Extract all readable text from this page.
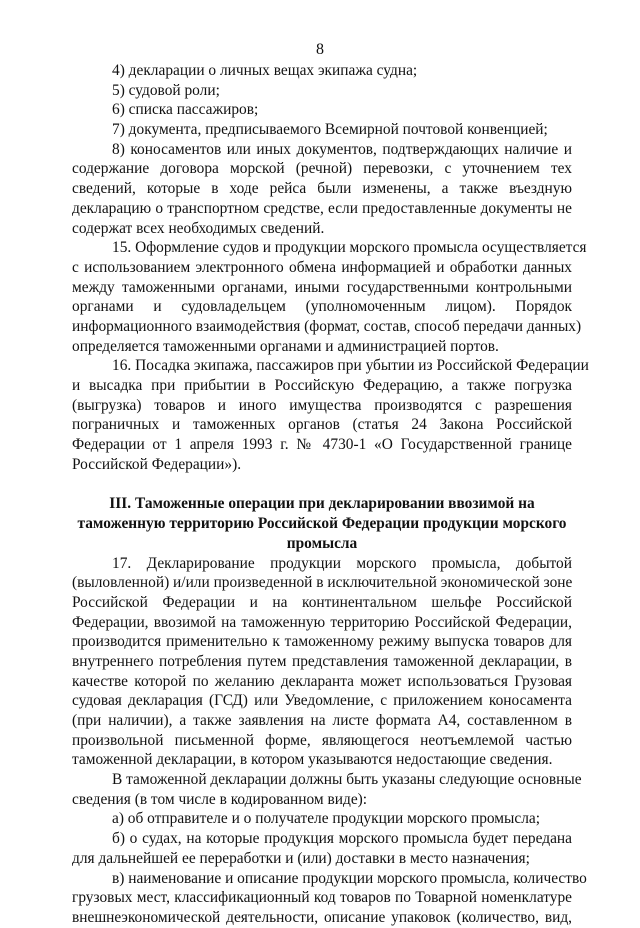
8
4) декларации о личных вещах экипажа судна;
5) судовой роли;
6) списка пассажиров;
7) документа, предписываемого Всемирной почтовой конвенцией;
8) коносаментов или иных документов, подтверждающих наличие и
содержание договора морской (речной) перевозки, с уточнением тех
сведений, которые в ходе рейса были изменены, а также въездную
декларацию о транспортном средстве, если предоставленные документы не
содержат всех необходимых сведений.
15. Оформление судов и продукции морского промысла осуществляется
с использованием электронного обмена информацией и обработки данных
между таможенными органами, иными государственными контрольными
органами и судовладельцем (уполномоченным лицом). Порядок
информационного взаимодействия (формат, состав, способ передачи данных)
определяется таможенными органами и администрацией портов.
16. Посадка экипажа, пассажиров при убытии из Российской Федерации
и высадка при прибытии в Российскую Федерацию, а также погрузка
(выгрузка) товаров и иного имущества производятся с разрешения
пограничных и таможенных органов (статья 24 Закона Российской
Федерации от 1 апреля 1993 г. № 4730-1 «О Государственной границе
Российской Федерации»).
III. Таможенные операции при декларировании ввозимой на
таможенную территорию Российской Федерации продукции морского
промысла
17. Декларирование продукции морского промысла, добытой
(выловленной) и/или произведенной в исключительной экономической зоне
Российской Федерации и на континентальном шельфе Российской
Федерации, ввозимой на таможенную территорию Российской Федерации,
производится применительно к таможенному режиму выпуска товаров для
внутреннего потребления путем представления таможенной декларации, в
качестве которой по желанию декларанта может использоваться Грузовая
судовая декларация (ГСД) или Уведомление, с приложением коносамента
(при наличии), а также заявления на листе формата А4, составленном в
произвольной письменной форме, являющегося неотъемлемой частью
таможенной декларации, в котором указываются недостающие сведения.
В таможенной декларации должны быть указаны следующие основные
сведения (в том числе в кодированном виде):
а) об отправителе и о получателе продукции морского промысла;
б) о судах, на которые продукция морского промысла будет передана
для дальнейшей ее переработки и (или) доставки в место назначения;
в) наименование и описание продукции морского промысла, количество
грузовых мест, классификационный код товаров по Товарной номенклатуре
внешнеэкономической деятельности, описание упаковок (количество, вид,
